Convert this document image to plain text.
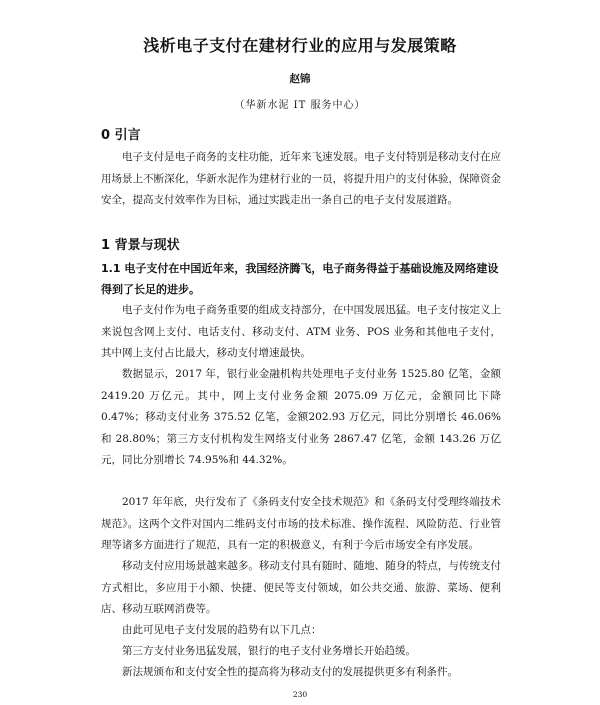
浅析电子支付在建材行业的应用与发展策略
赵锦
（华新水泥 IT 服务中心）
0 引言

电子支付是电子商务的支柱功能，近年来飞速发展。电子支付特别是移动支付在应用场景上不断深化，华新水泥作为建材行业的一员，将提升用户的支付体验，保障资金安全，提高支付效率作为目标，通过实践走出一条自己的电子支付发展道路。

1 背景与现状
1.1 电子支付在中国近年来，我国经济腾飞，电子商务得益于基础设施及网络建设得到了长足的进步。

电子支付作为电子商务重要的组成支持部分，在中国发展迅猛。电子支付按定义上来说包含网上支付、电话支付、移动支付、ATM 业务、POS 业务和其他电子支付，其中网上支付占比最大，移动支付增速最快。

数据显示，2017 年，银行业金融机构共处理电子支付业务 1525.80 亿笔，金额 2419.20 万亿元。其中，网上支付业务金额 2075.09 万亿元，金额同比下降 0.47%；移动支付业务 375.52 亿笔，金额202.93 万亿元，同比分别增长 46.06%和 28.80%；第三方支付机构发生网络支付业务 2867.47 亿笔，金额 143.26 万亿元，同比分别增长 74.95%和 44.32%。

2017 年年底，央行发布了《条码支付安全技术规范》和《条码支付受理终端技术规范》。这两个文件对国内二维码支付市场的技术标准、操作流程、风险防范、行业管理等诸多方面进行了规范，具有一定的积极意义，有利于今后市场安全有序发展。

移动支付应用场景越来越多。移动支付具有随时、随地、随身的特点，与传统支付方式相比，多应用于小额、快捷、便民等支付领域，如公共交通、旅游、菜场、便利店、移动互联网消费等。

由此可见电子支付发展的趋势有以下几点：

第三方支付业务迅猛发展，银行的电子支付业务增长开始趋缓。

新法规颁布和支付安全性的提高将为移动支付的发展提供更多有利条件。

230
